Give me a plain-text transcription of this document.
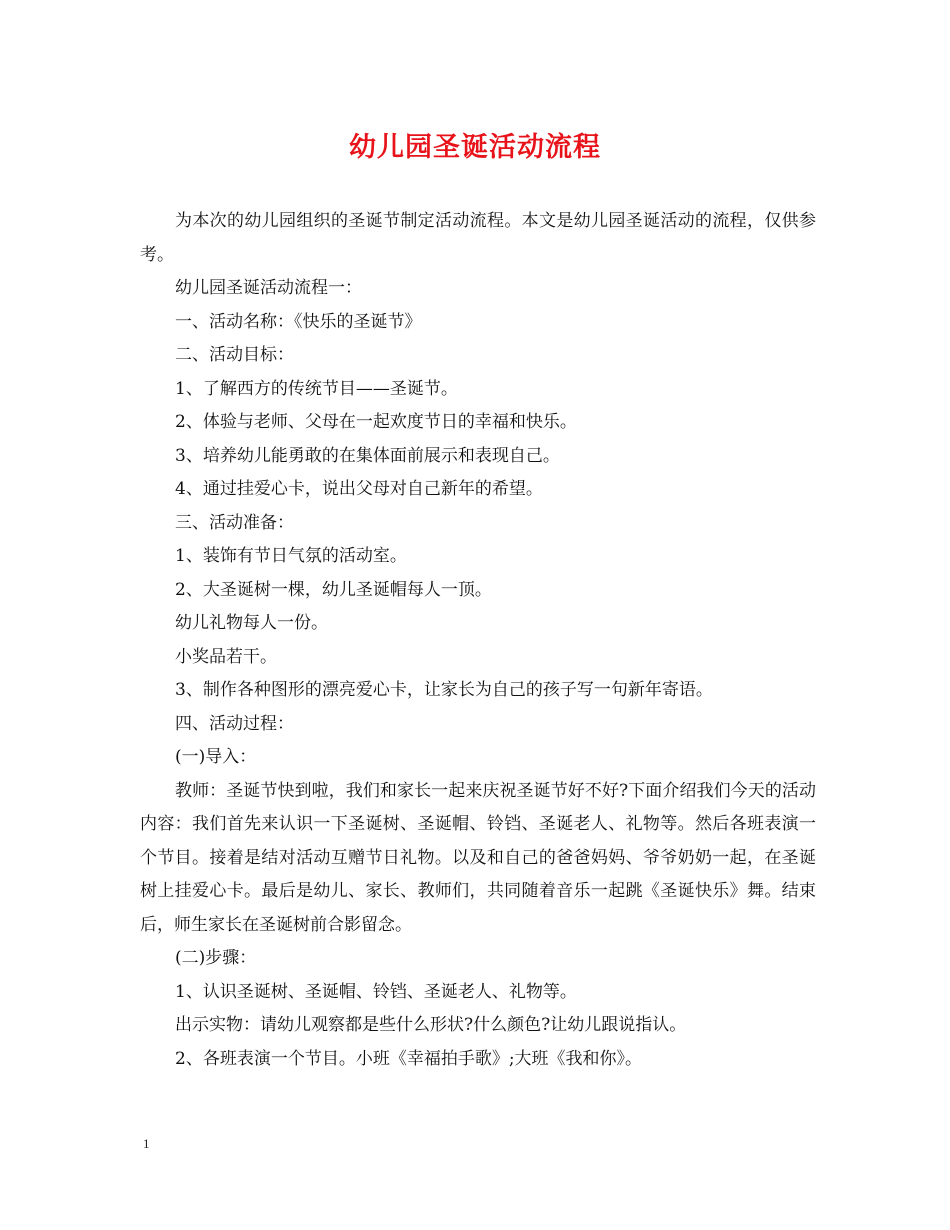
幼儿园圣诞活动流程

为本次的幼儿园组织的圣诞节制定活动流程。本文是幼儿园圣诞活动的流程，仅供参考。

幼儿园圣诞活动流程一：

一、活动名称：《快乐的圣诞节》

二、活动目标：

1、了解西方的传统节目——圣诞节。

2、体验与老师、父母在一起欢度节日的幸福和快乐。

3、培养幼儿能勇敢的在集体面前展示和表现自己。

4、通过挂爱心卡，说出父母对自己新年的希望。

三、活动准备：

1、装饰有节日气氛的活动室。

2、大圣诞树一棵，幼儿圣诞帽每人一顶。

幼儿礼物每人一份。

小奖品若干。

3、制作各种图形的漂亮爱心卡，让家长为自己的孩子写一句新年寄语。

四、活动过程：

(一)导入：

教师：圣诞节快到啦，我们和家长一起来庆祝圣诞节好不好?下面介绍我们今天的活动内容：我们首先来认识一下圣诞树、圣诞帽、铃铛、圣诞老人、礼物等。然后各班表演一个节目。接着是结对活动互赠节日礼物。以及和自己的爸爸妈妈、爷爷奶奶一起，在圣诞树上挂爱心卡。最后是幼儿、家长、教师们，共同随着音乐一起跳《圣诞快乐》舞。结束后，师生家长在圣诞树前合影留念。

(二)步骤：

1、认识圣诞树、圣诞帽、铃铛、圣诞老人、礼物等。

出示实物：请幼儿观察都是些什么形状?什么颜色?让幼儿跟说指认。

2、各班表演一个节目。小班《幸福拍手歌》;大班《我和你》。

1
